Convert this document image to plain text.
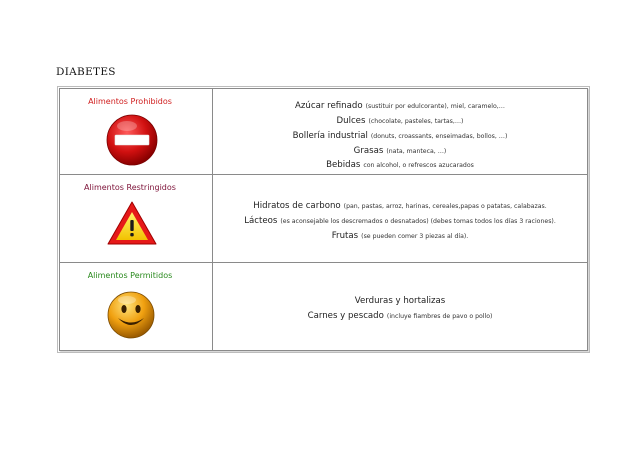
DIABETES
Alimentos Prohibidos	Azúcar refinado (sustituir por edulcorante), miel, caramelo,…
Dulces (chocolate, pasteles, tartas,…)
Bollería industrial (donuts, croassants, enseimadas, bollos, …)
Grasas (nata, manteca, …)
Bebidas con alcohol, o refrescos azucarados
Alimentos Restringidos
Hidratos de carbono (pan, pastas, arroz, harinas, cereales,papas o patatas, calabazas.
Lácteos (es aconsejable los descremados o desnatados) (debes tomas todos los días 3 raciones).
Frutas (se pueden comer 3 piezas al día).
Alimentos Permitidos
Verduras y hortalizas
Carnes y pescado (incluye fiambres de pavo o pollo)
